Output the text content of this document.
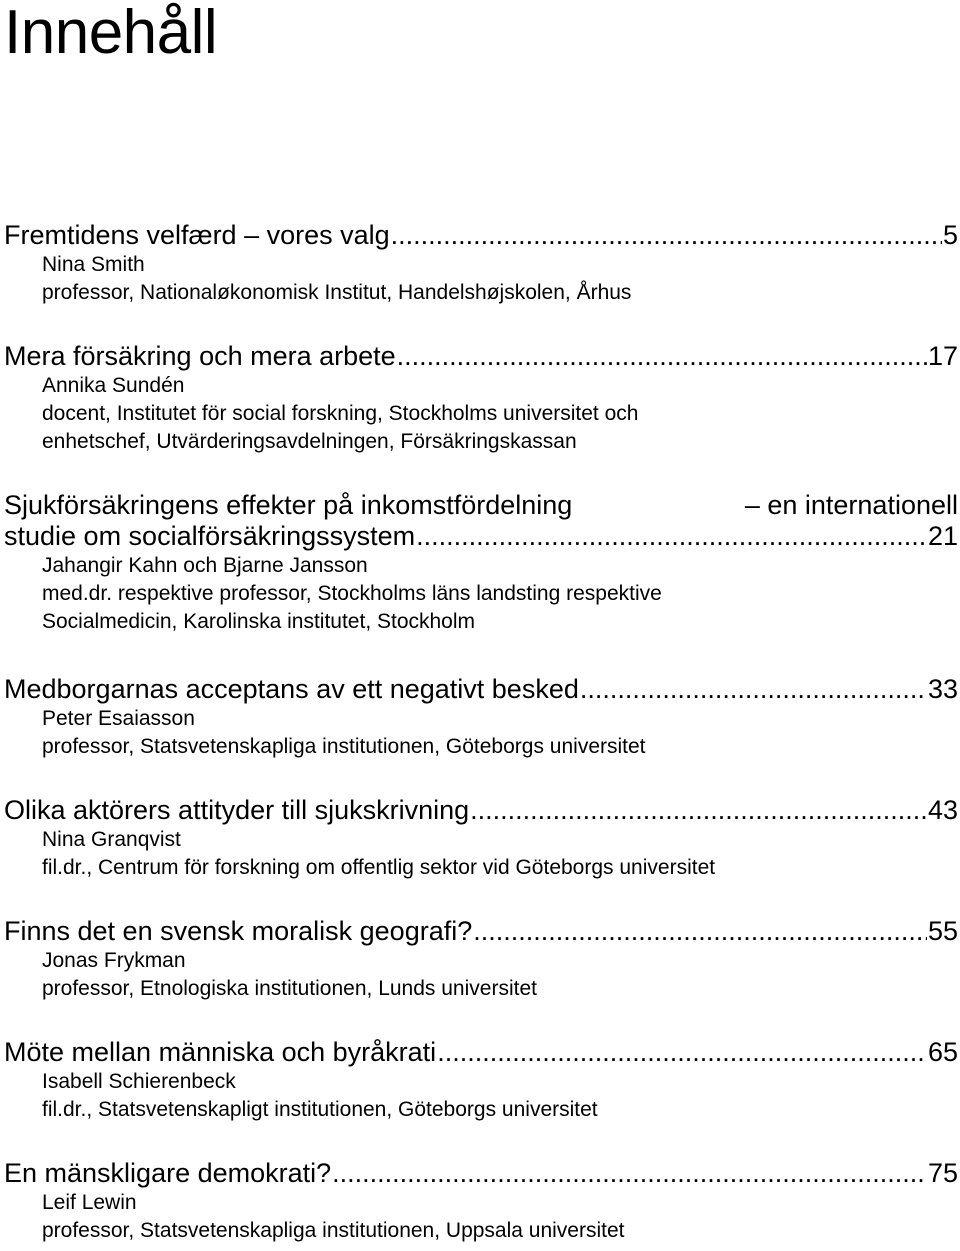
Innehåll
Fremtidens velfærd – vores valg .....	5
Nina Smith
professor, Nationaløkonomisk Institut, Handelshøjskolen, Århus
Mera försäkring och mera arbete .....	17
Annika Sundén
docent, Institutet för social forskning, Stockholms universitet och
enhetschef, Utvärderingsavdelningen, Försäkringskassan
Sjukförsäkringens effekter på inkomstfördelning	– en internationell
studie om socialförsäkringssystem .....	21
Jahangir Kahn och Bjarne Jansson
med.dr. respektive professor, Stockholms läns landsting respektive
Socialmedicin, Karolinska institutet, Stockholm
Medborgarnas acceptans av ett negativt besked .....	33
Peter Esaiasson
professor, Statsvetenskapliga institutionen, Göteborgs universitet
Olika aktörers attityder till sjukskrivning .....	43
Nina Granqvist
fil.dr., Centrum för forskning om offentlig sektor vid Göteborgs universitet
Finns det en svensk moralisk geografi? .....	55
Jonas Frykman
professor, Etnologiska institutionen, Lunds universitet
Möte mellan människa och byråkrati .....	65
Isabell Schierenbeck
fil.dr., Statsvetenskapligt institutionen, Göteborgs universitet
En mänskligare demokrati? .....	75
Leif Lewin
professor, Statsvetenskapliga institutionen, Uppsala universitet
